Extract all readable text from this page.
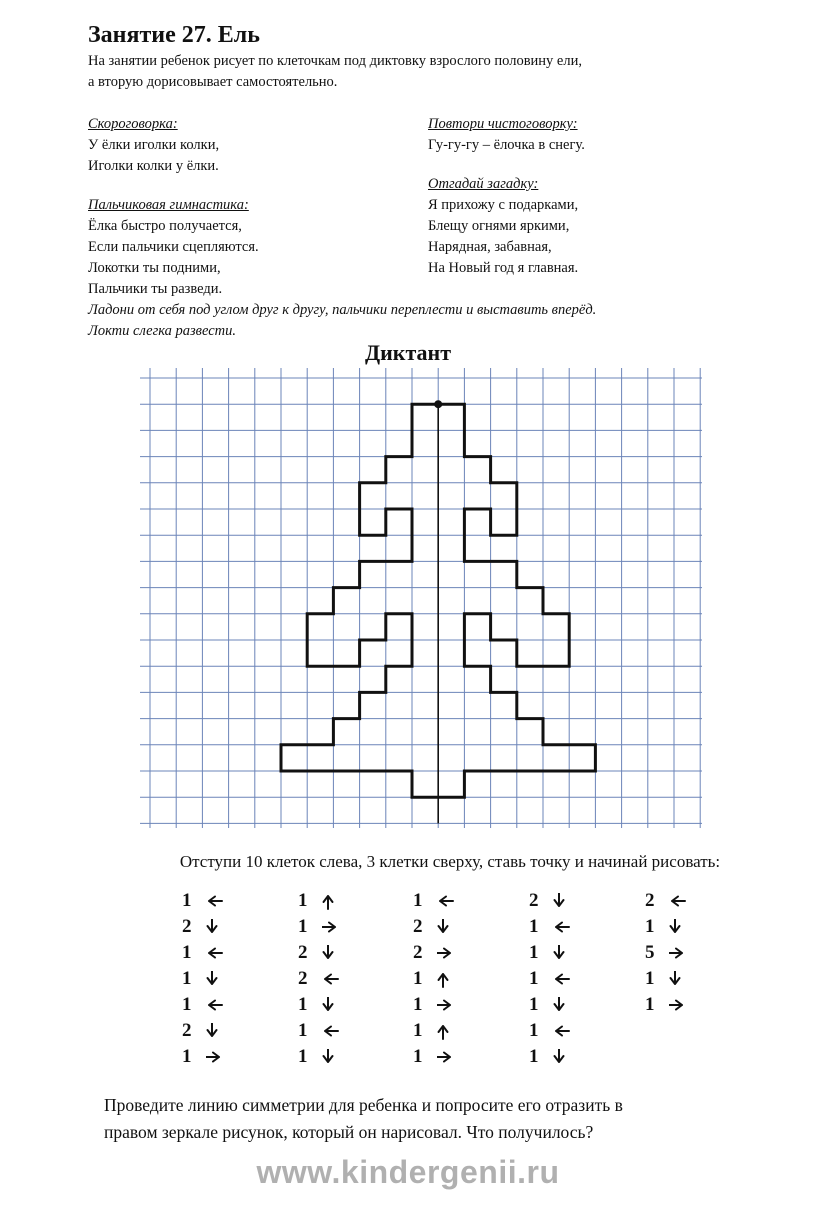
Занятие 27. Ель
На занятии ребенок рисует по клеточкам под диктовку взрослого половину ели,
а вторую дорисовывает самостоятельно.
Скороговорка:
У ёлки иголки колки,
Иголки колки у ёлки.
Пальчиковая гимнастика:
Ёлка быстро получается,
Если пальчики сцепляются.
Локотки ты подними,
Пальчики ты разведи.
Ладони от себя под углом друг к другу, пальчики переплести и выставить вперёд.
Локти слегка развести.
Повтори чистоговорку:
Гу-гу-гу – ёлочка в снегу.
Отгадай загадку:
Я прихожу с подарками,
Блещу огнями яркими,
Нарядная, забавная,
На Новый год я главная.
Диктант
Отступи 10 клеток слева, 3 клетки сверху, ставь точку и начинай рисовать:
1
2
1
1
1
2
1
1
1
2
2
1
1
1
1
2
2
1
1
1
1
2
1
1
1
1
1
1
2
1
5
1
1
Проведите линию симметрии для ребенка и попросите его отразить в
правом зеркале рисунок, который он нарисовал. Что получилось?
www.kindergenii.ru
